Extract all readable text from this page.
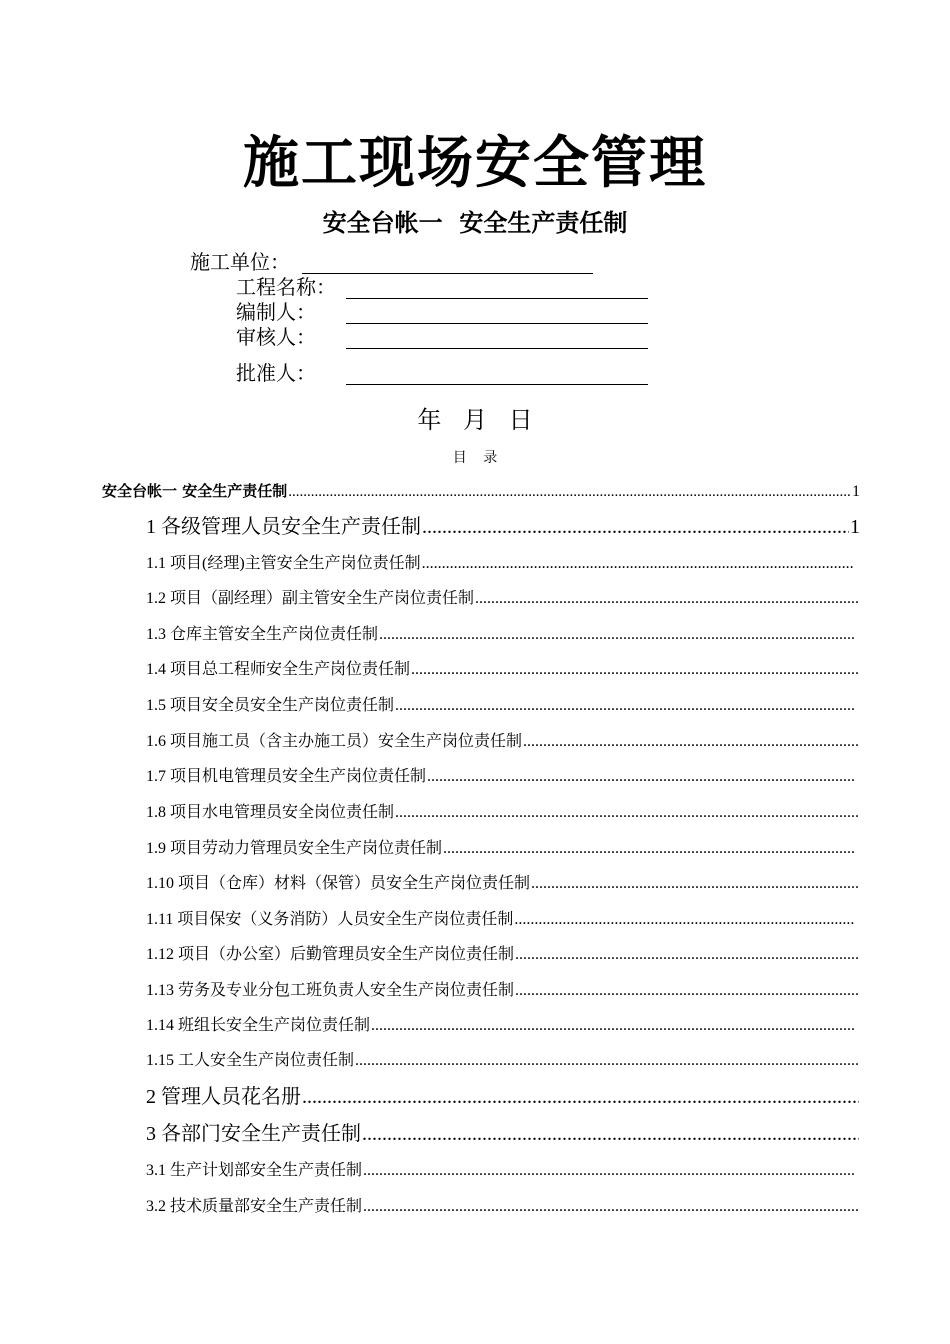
施工现场安全管理
安全台帐一  安全生产责任制
施工单位：
工程名称：
编制人：
审核人：
批准人：
年 月 日
目 录
安全台帐一 安全生产责任制 .....	1
1 各级管理人员安全生产责任制 .....	1
1.1 项目(经理)主管安全生产岗位责任制
.....
1.2 项目（副经理）副主管安全生产岗位责任制
.....
1.3 仓库主管安全生产岗位责任制
.....
1.4 项目总工程师安全生产岗位责任制
.....
1.5 项目安全员安全生产岗位责任制
.....
1.6 项目施工员（含主办施工员）安全生产岗位责任制
.....
1.7 项目机电管理员安全生产岗位责任制
.....
1.8 项目水电管理员安全岗位责任制
.....
1.9 项目劳动力管理员安全生产岗位责任制
.....
1.10 项目（仓库）材料（保管）员安全生产岗位责任制
.....
1.11 项目保安（义务消防）人员安全生产岗位责任制
.....
1.12 项目（办公室）后勤管理员安全生产岗位责任制
.....
1.13 劳务及专业分包工班负责人安全生产岗位责任制
.....
1.14 班组长安全生产岗位责任制
.....
1.15 工人安全生产岗位责任制
.....
2 管理人员花名册
.....
3 各部门安全生产责任制
.....
3.1 生产计划部安全生产责任制
.....
3.2 技术质量部安全生产责任制
.....
